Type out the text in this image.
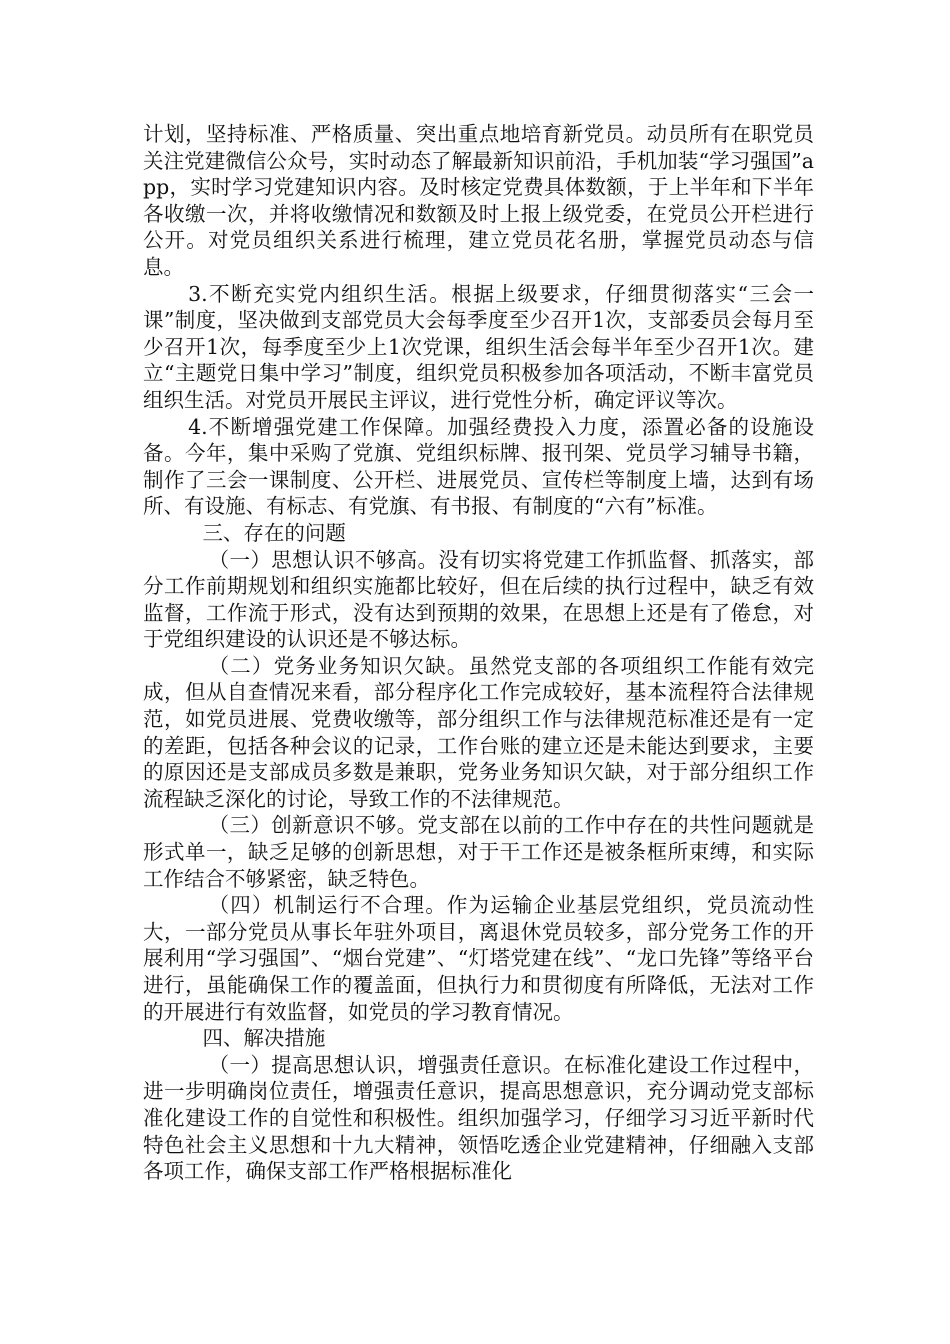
计划，坚持标准、严格质量、突出重点地培育新党员。动员所有在职党员关注党建微信公众号，实时动态了解最新知识前沿，手机加装“学习强国”app，实时学习党建知识内容。及时核定党费具体数额，于上半年和下半年各收缴一次，并将收缴情况和数额及时上报上级党委，在党员公开栏进行公开。对党员组织关系进行梳理，建立党员花名册，掌握党员动态与信息。

3.不断充实党内组织生活。根据上级要求，仔细贯彻落实“三会一课”制度，坚决做到支部党员大会每季度至少召开1次，支部委员会每月至少召开1次，每季度至少上1次党课，组织生活会每半年至少召开1次。建立“主题党日集中学习”制度，组织党员积极参加各项活动，不断丰富党员组织生活。对党员开展民主评议，进行党性分析，确定评议等次。

4.不断增强党建工作保障。加强经费投入力度，添置必备的设施设备。今年，集中采购了党旗、党组织标牌、报刊架、党员学习辅导书籍，制作了三会一课制度、公开栏、进展党员、宣传栏等制度上墙，达到有场所、有设施、有标志、有党旗、有书报、有制度的“六有”标准。

三、存在的问题

（一）思想认识不够高。没有切实将党建工作抓监督、抓落实，部分工作前期规划和组织实施都比较好，但在后续的执行过程中，缺乏有效监督，工作流于形式，没有达到预期的效果，在思想上还是有了倦怠，对于党组织建设的认识还是不够达标。

（二）党务业务知识欠缺。虽然党支部的各项组织工作能有效完成，但从自查情况来看，部分程序化工作完成较好，基本流程符合法律规范，如党员进展、党费收缴等，部分组织工作与法律规范标准还是有一定的差距，包括各种会议的记录，工作台账的建立还是未能达到要求，主要的原因还是支部成员多数是兼职，党务业务知识欠缺，对于部分组织工作流程缺乏深化的讨论，导致工作的不法律规范。

（三）创新意识不够。党支部在以前的工作中存在的共性问题就是形式单一，缺乏足够的创新思想，对于干工作还是被条框所束缚，和实际工作结合不够紧密，缺乏特色。

（四）机制运行不合理。作为运输企业基层党组织，党员流动性大，一部分党员从事长年驻外项目，离退休党员较多，部分党务工作的开展利用“学习强国”、“烟台党建”、“灯塔党建在线”、“龙口先锋”等络平台进行，虽能确保工作的覆盖面，但执行力和贯彻度有所降低，无法对工作的开展进行有效监督，如党员的学习教育情况。

四、解决措施

（一）提高思想认识，增强责任意识。在标准化建设工作过程中，进一步明确岗位责任，增强责任意识，提高思想意识，充分调动党支部标准化建设工作的自觉性和积极性。组织加强学习，仔细学习习近平新时代特色社会主义思想和十九大精神，领悟吃透企业党建精神，仔细融入支部各项工作，确保支部工作严格根据标准化
